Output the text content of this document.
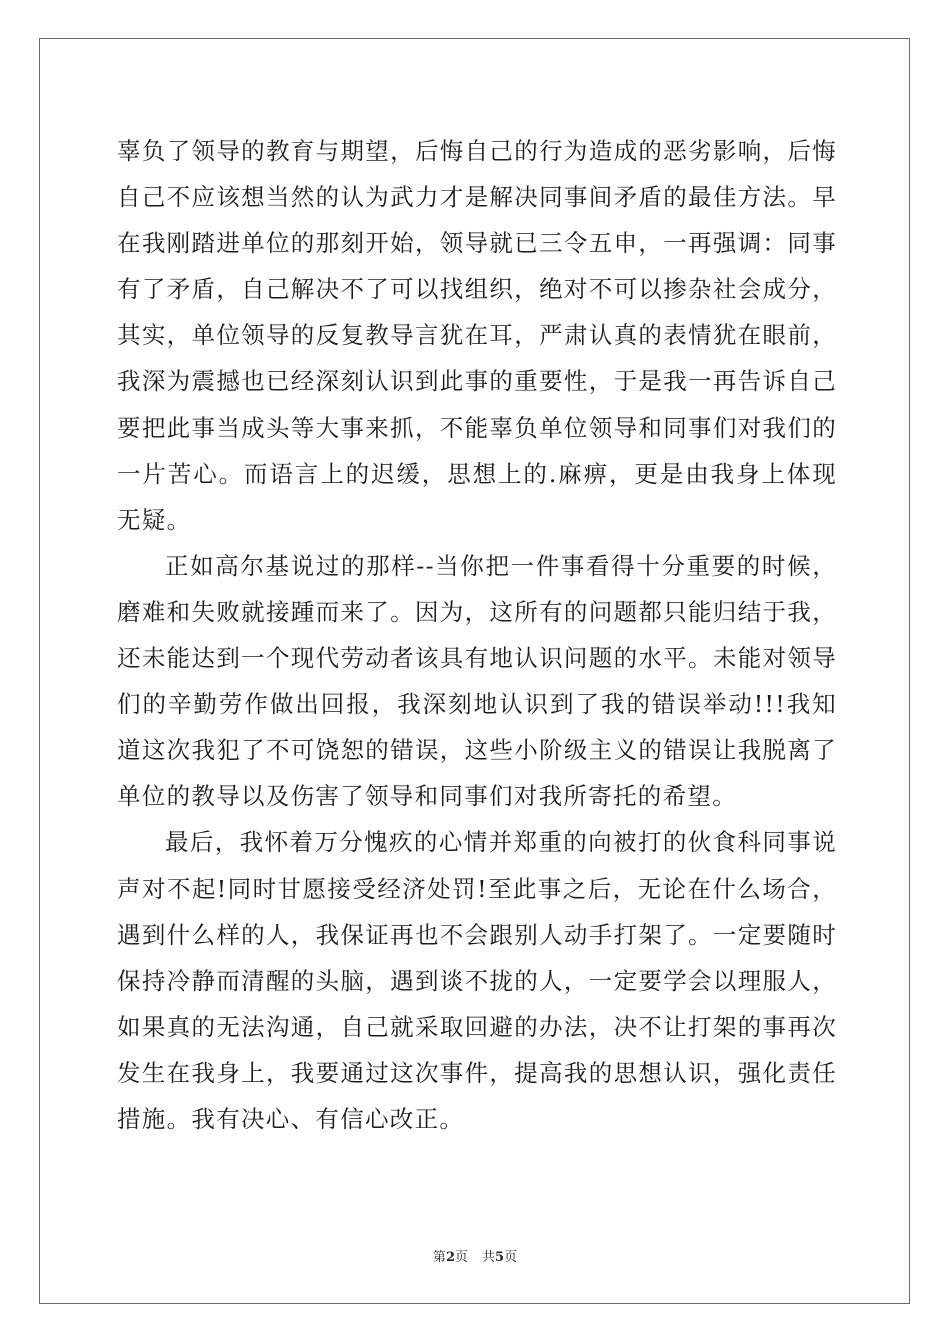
辜负了领导的教育与期望，后悔自己的行为造成的恶劣影响，后悔自己不应该想当然的认为武力才是解决同事间矛盾的最佳方法。早在我刚踏进单位的那刻开始，领导就已三令五申，一再强调：同事有了矛盾，自己解决不了可以找组织，绝对不可以掺杂社会成分，其实，单位领导的反复教导言犹在耳，严肃认真的表情犹在眼前，我深为震撼也已经深刻认识到此事的重要性，于是我一再告诉自己要把此事当成头等大事来抓，不能辜负单位领导和同事们对我们的一片苦心。而语言上的迟缓，思想上的.麻痹，更是由我身上体现无疑。

正如高尔基说过的那样--当你把一件事看得十分重要的时候，磨难和失败就接踵而来了。因为，这所有的问题都只能归结于我，还未能达到一个现代劳动者该具有地认识问题的水平。未能对领导们的辛勤劳作做出回报，我深刻地认识到了我的错误举动!!!我知道这次我犯了不可饶恕的错误，这些小阶级主义的错误让我脱离了单位的教导以及伤害了领导和同事们对我所寄托的希望。

最后，我怀着万分愧疚的心情并郑重的向被打的伙食科同事说声对不起!同时甘愿接受经济处罚!至此事之后，无论在什么场合，遇到什么样的人，我保证再也不会跟别人动手打架了。一定要随时保持冷静而清醒的头脑，遇到谈不拢的人，一定要学会以理服人，如果真的无法沟通，自己就采取回避的办法，决不让打架的事再次发生在我身上，我要通过这次事件，提高我的思想认识，强化责任措施。我有决心、有信心改正。

第2页 共5页
